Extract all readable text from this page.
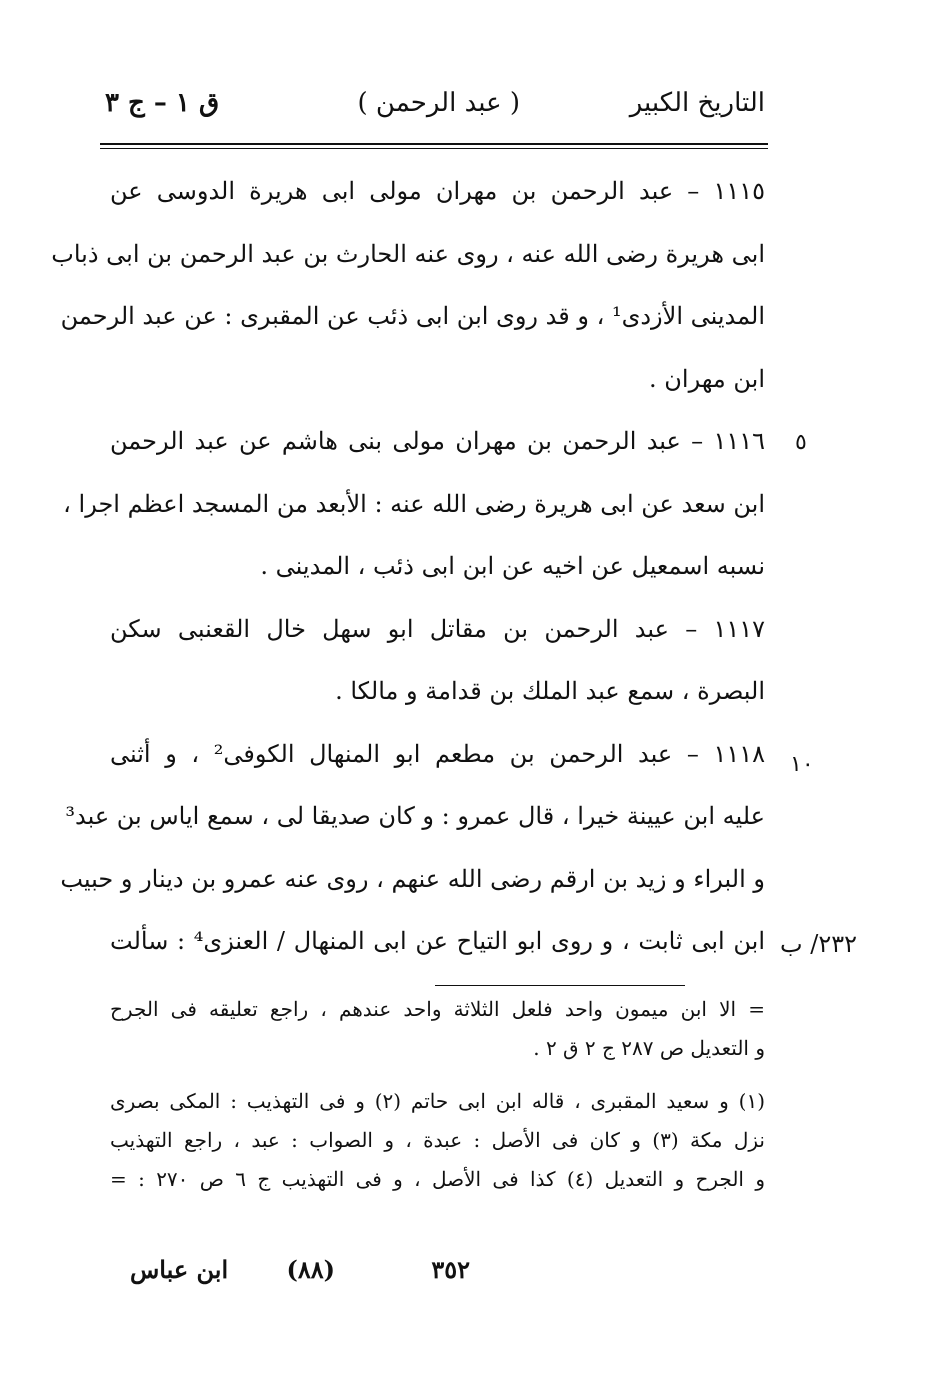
التاريخ الكبير
( عبد الرحمن )
ق ١ – ج ٣
٥
١٠
٢٣٢/ ب
١١١٥ – عبد الرحمن بن مهران مولى ابى هريرة الدوسى عن
ابى هريرة رضى الله عنه ، روى عنه الحارث بن عبد الرحمن بن ابى ذباب
المدينى الأزدى¹ ، و قد روى ابن ابى ذئب عن المقبرى : عن عبد الرحمن
ابن مهران .
١١١٦ – عبد الرحمن بن مهران مولى بنى هاشم عن عبد الرحمن
ابن سعد عن ابى هريرة رضى الله عنه : الأبعد من المسجد اعظم اجرا ،
نسبه اسمعيل عن اخيه عن ابن ابى ذئب ، المدينى .
١١١٧ – عبد الرحمن بن مقاتل ابو سهل خال القعنبى سكن
البصرة ، سمع عبد الملك بن قدامة و مالكا .
١١١٨ – عبد الرحمن بن مطعم ابو المنهال الكوفى² ، و أثنى
عليه ابن عيينة خيرا ، قال عمرو : و كان صديقا لى ، سمع اياس بن عبد³
و البراء و زيد بن ارقم رضى الله عنهم ، روى عنه عمرو بن دينار و حبيب
ابن ابى ثابت ، و روى ابو التياح عن ابى المنهال / العنزى⁴ : سألت
= الا ابن ميمون واحد فلعل الثلاثة واحد عندهم ، راجع تعليقه فى الجرح
و التعديل ص ٢٨٧ ج ٢ ق ٢ .
(١) و سعيد المقبرى ، قاله ابن ابى حاتم (٢) و فى التهذيب : المكى بصرى
نزل مكة (٣) و كان فى الأصل : عبدة ، و الصواب : عبد ، راجع التهذيب
و الجرح و التعديل (٤) كذا فى الأصل ، و فى التهذيب ج ٦ ص ٢٧٠ : =
٣٥٢
(٨٨)
ابن عباس
